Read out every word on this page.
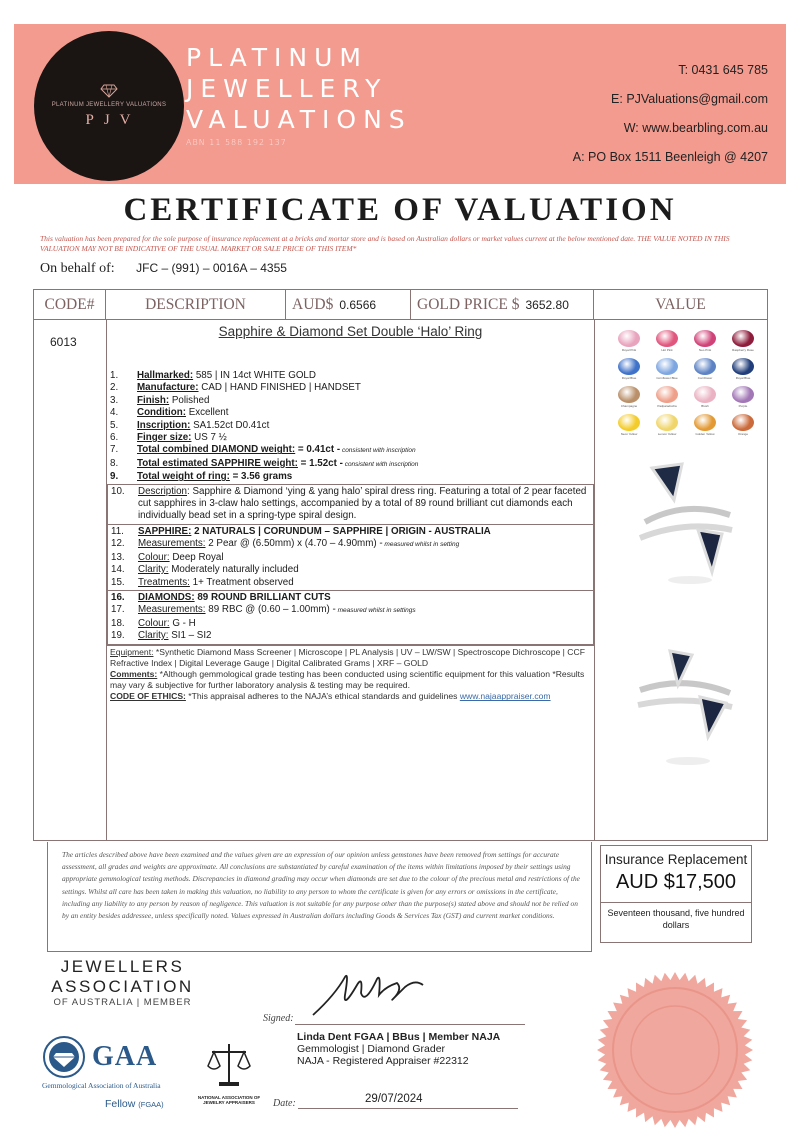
PLATINUM JEWELLERY VALUATIONS
PJV
PLATINUM
JEWELLERY
VALUATIONS
ABN 11 588 192 137
T: 0431 645 785
E: PJValuations@gmail.com
W: www.bearbling.com.au
A: PO Box 1511 Beenleigh @ 4207
CERTIFICATE OF VALUATION
This valuation has been prepared for the sole purpose of insurance replacement at a bricks and mortar store and is based on Australian dollars or market values current at the below mentioned date. THE VALUE NOTED IN THIS VALUATION MAY NOT BE INDICATIVE OF THE USUAL MARKET OR SALE PRICE OF THIS ITEM*
On behalf of: JFC – (991) – 0016A – 4355
CODE#	DESCRIPTION	AUD$ 0.6566	GOLD PRICE $ 3652.80	VALUE
6013
Sapphire & Diamond Set Double ‘Halo’ Ring
1.	Hallmarked: 585 | IN 14ct WHITE GOLD
2.	Manufacture: CAD | HAND FINISHED | HANDSET
3.	Finish: Polished
4.	Condition: Excellent
5.	Inscription: SA1.52ct D0.41ct
6.	Finger size: US 7 ½
7.	Total combined DIAMOND weight: = 0.41ct - consistent with inscription
8.	Total estimated SAPPHIRE weight: = 1.52ct - consistent with inscription
9.	Total weight of ring: = 3.56 grams
10.	Description: Sapphire & Diamond ‘ying & yang halo’ spiral dress ring. Featuring a total of 2 pear faceted cut sapphires in 3-claw halo settings, accompanied by a total of 89 round brilliant cut diamonds each individually bead set in a spring-type spiral design.
11.	SAPPHIRE: 2 NATURALS | CORUNDUM – SAPPHIRE | ORIGIN - AUSTRALIA
12.	Measurements: 2 Pear @ (6.50mm) x (4.70 – 4.90mm) - measured whilst in setting
13.	Colour: Deep Royal
14.	Clarity: Moderately naturally included
15.	Treatments: 1+ Treatment observed
16.	DIAMONDS: 89 ROUND BRILLIANT CUTS
17.	Measurements: 89 RBC @ (0.60 – 1.00mm) - measured whilst in settings
18.	Colour: G - H
19.	Clarity: SI1 – SI2
Equipment: *Synthetic Diamond Mass Screener | Microscope | PL Analysis | UV – LW/SW | Spectroscope Dichroscope | CCF Refractive Index | Digital Leverage Gauge | Digital Calibrated Grams | XRF – GOLD
Comments: *Although gemmological grade testing has been conducted using scientific equipment for this valuation *Results may vary & subjective for further laboratory analysis & testing may be required.
CODE OF ETHICS: *This appraisal adheres to the NAJA’s ethical standards and guidelines www.najaappraiser.com
Royal Pink	Hot Pink	Neo Pink	Raspberry Rose
Royal Blue	Cornflower Blue	Cornflower	Royal Blue
Champagne	Padparadscha	Blush	Purple
Neon Yellow	Lemon Yellow	Golden Yellow	Orange
The articles described above have been examined and the values given are an expression of our opinion unless gemstones have been removed from settings for accurate assessment, all grades and weights are approximate. All conclusions are substantiated by careful examination of the items within limitations imposed by their settings using appropriate gemmological testing methods. Discrepancies in diamond grading may occur when diamonds are set due to the colour of the precious metal and restrictions of the settings. Whilst all care has been taken in making this valuation, no liability to any person to whom the certificate is given for any errors or omissions in the certificate, including any liability to any person by reason of negligence. This valuation is not suitable for any purpose other than the purpose(s) stated above and should not be relied on by an entity besides addressee, unless specifically noted. Values expressed in Australian dollars including Goods & Services Tax (GST) and current market conditions.
Insurance Replacement
AUD $17,500
Seventeen thousand, five hundred dollars
JEWELLERS
ASSOCIATION
OF AUSTRALIA | MEMBER
GAA
Gemmological Association of Australia
Fellow (FGAA)
NATIONAL ASSOCIATION OF JEWELRY APPRAISERS
Signed:
Linda Dent FGAA | BBus | Member NAJA
Gemmologist | Diamond Grader
NAJA - Registered Appraiser #22312
Date:	29/07/2024
